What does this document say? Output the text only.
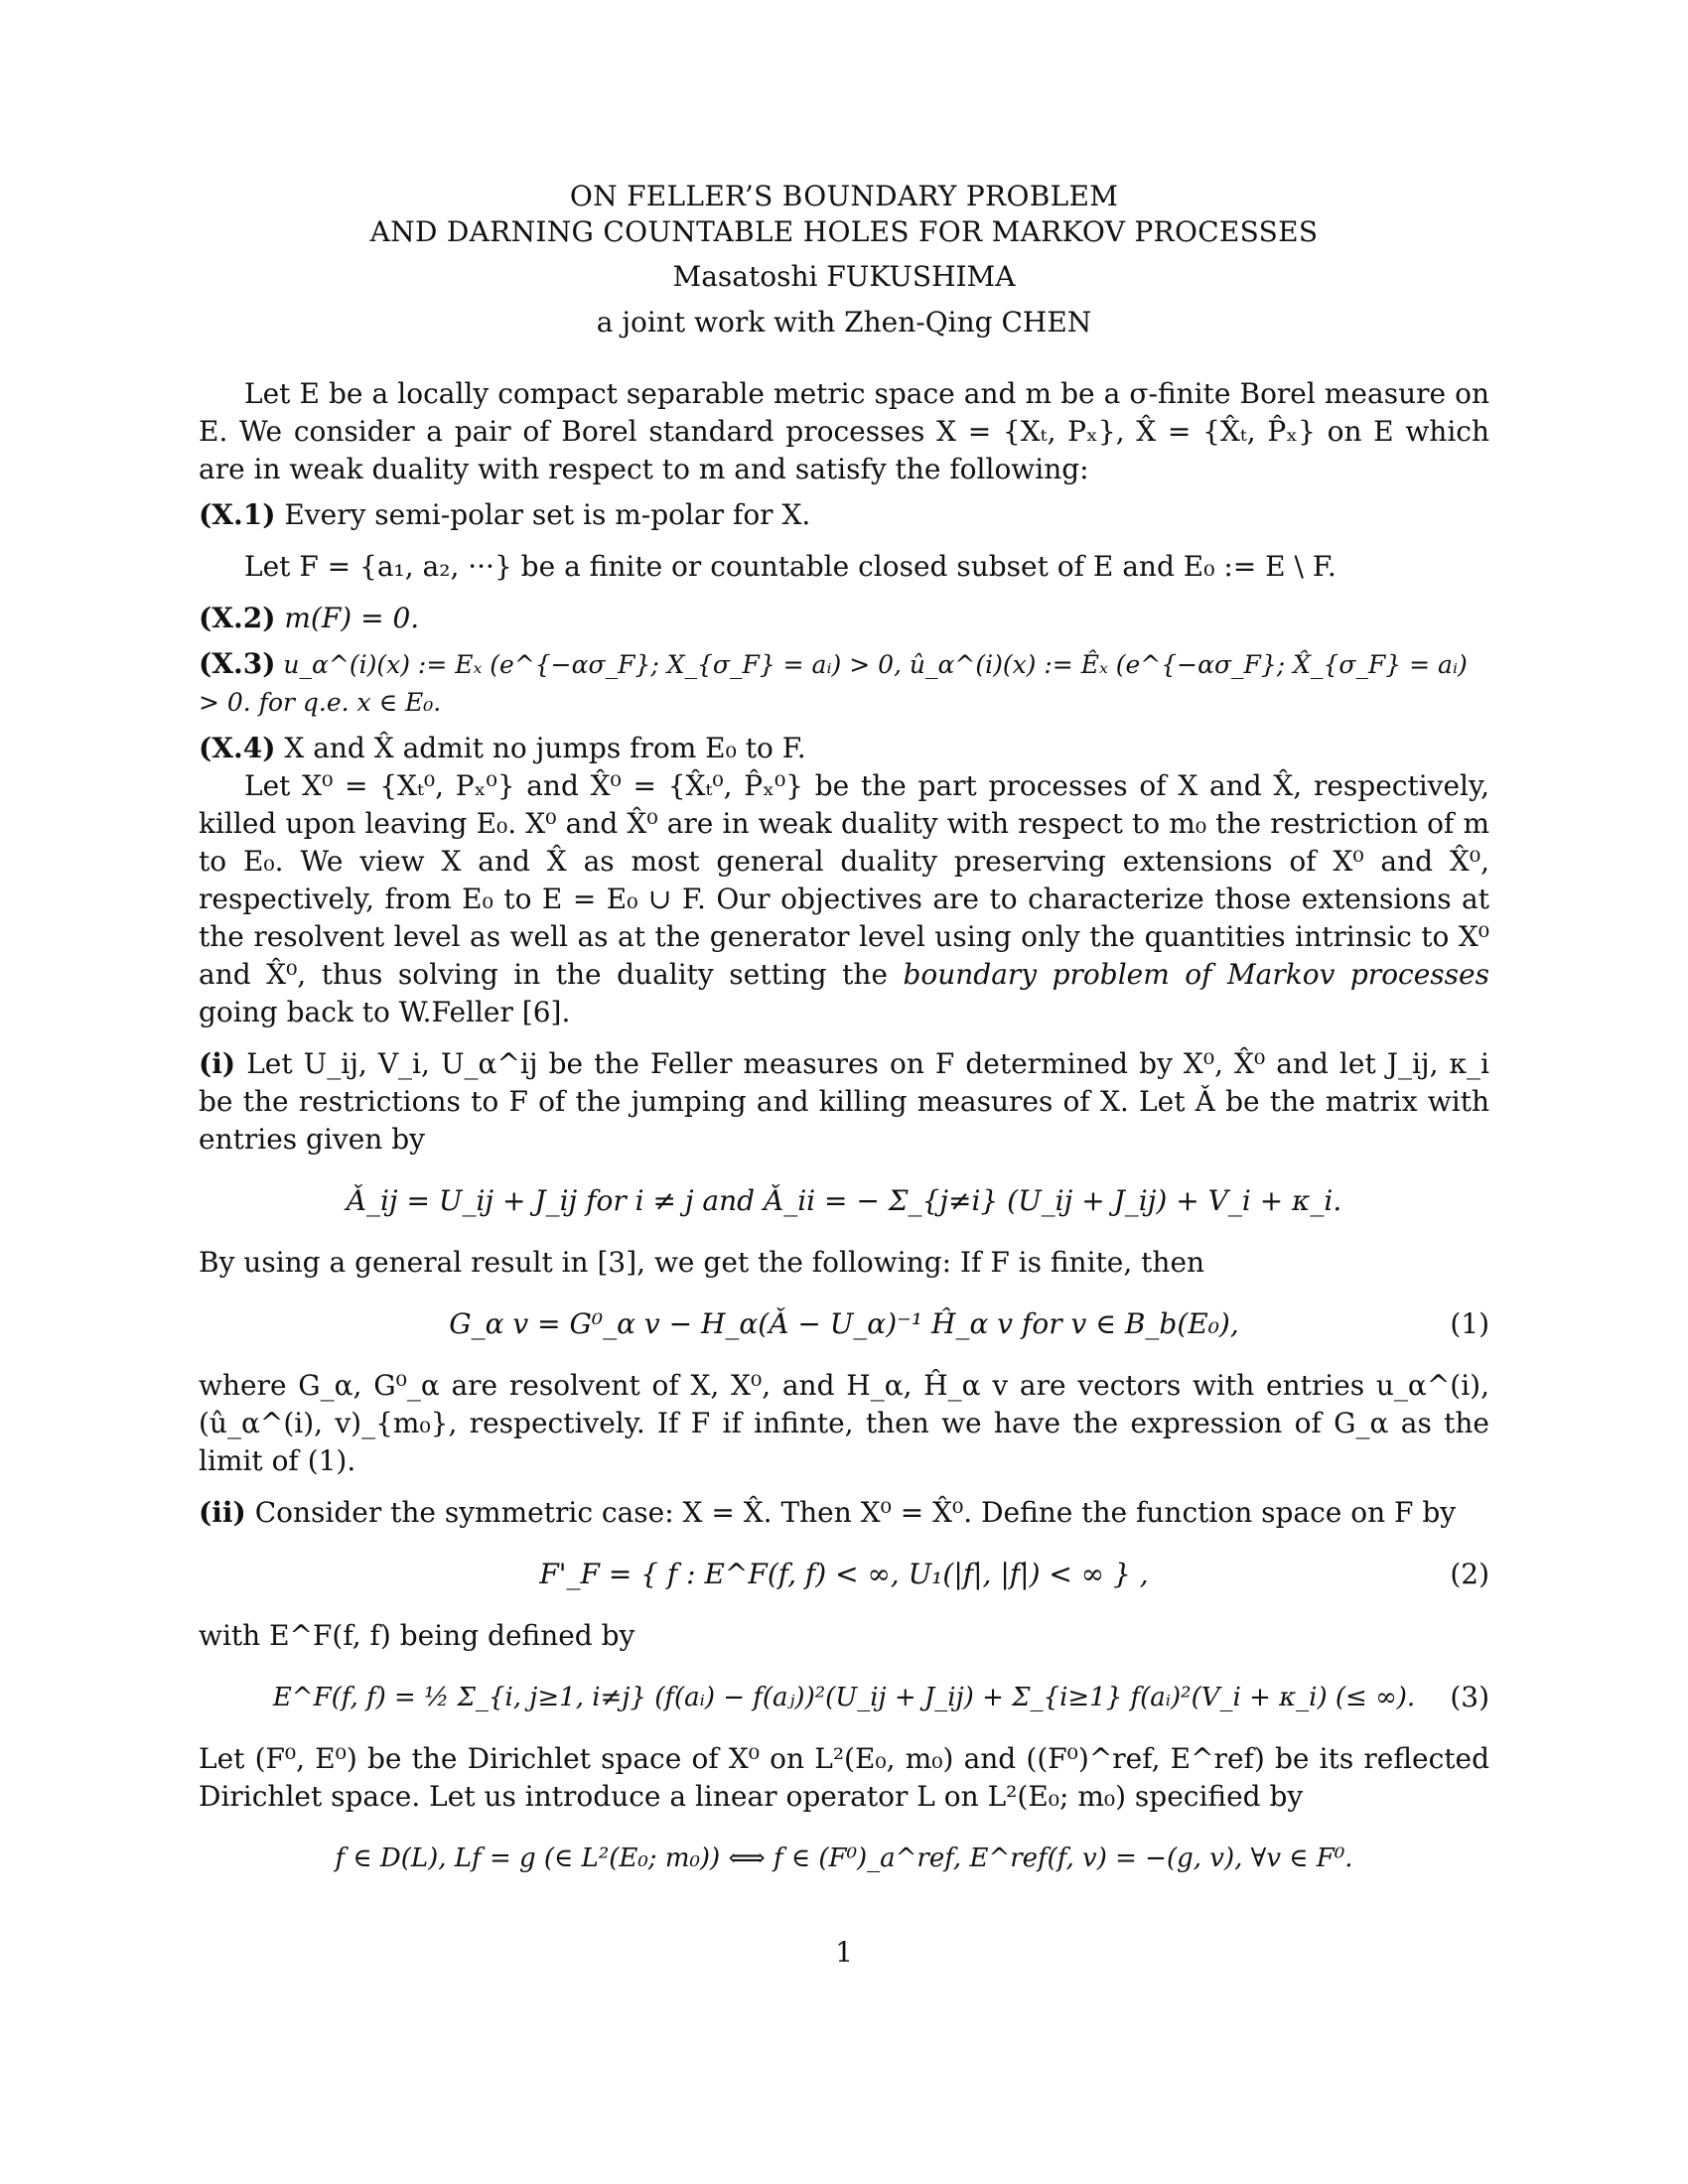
ON FELLER’S BOUNDARY PROBLEM
AND DARNING COUNTABLE HOLES FOR MARKOV PROCESSES
Masatoshi FUKUSHIMA
a joint work with Zhen-Qing CHEN

Let E be a locally compact separable metric space and m be a σ-finite Borel measure on E. We consider a pair of Borel standard processes X = {Xₜ, Pₓ}, X̂ = {X̂ₜ, P̂ₓ} on E which are in weak duality with respect to m and satisfy the following:

(X.1) Every semi-polar set is m-polar for X.

Let F = {a₁, a₂, ···} be a finite or countable closed subset of E and E₀ := E \ F.

(X.2) m(F) = 0.

(X.3) u_α^(i)(x) := Eₓ (e^{−ασ_F}; X_{σ_F} = aᵢ) > 0, û_α^(i)(x) := Êₓ (e^{−ασ_F}; X̂_{σ_F} = aᵢ) > 0. for q.e. x ∈ E₀.

(X.4) X and X̂ admit no jumps from E₀ to F.

Let X⁰ = {Xₜ⁰, Pₓ⁰} and X̂⁰ = {X̂ₜ⁰, P̂ₓ⁰} be the part processes of X and X̂, respectively, killed upon leaving E₀. X⁰ and X̂⁰ are in weak duality with respect to m₀ the restriction of m to E₀. We view X and X̂ as most general duality preserving extensions of X⁰ and X̂⁰, respectively, from E₀ to E = E₀ ∪ F. Our objectives are to characterize those extensions at the resolvent level as well as at the generator level using only the quantities intrinsic to X⁰ and X̂⁰, thus solving in the duality setting the boundary problem of Markov processes going back to W.Feller [6].

(i) Let U_ij, V_i, U_α^ij be the Feller measures on F determined by X⁰, X̂⁰ and let J_ij, κ_i be the restrictions to F of the jumping and killing measures of X. Let Ǎ be the matrix with entries given by

Ǎ_ij = U_ij + J_ij for i ≠ j and Ǎ_ii = − Σ_{j≠i} (U_ij + J_ij) + V_i + κ_i.

By using a general result in [3], we get the following: If F is finite, then

G_α v = G⁰_α v − H_α(Ǎ − U_α)⁻¹ Ĥ_α v for v ∈ B_b(E₀),	(1)

where G_α, G⁰_α are resolvent of X, X⁰, and H_α, Ĥ_α v are vectors with entries u_α^(i), (û_α^(i), v)_{m₀}, respectively. If F if infinte, then we have the expression of G_α as the limit of (1).

(ii) Consider the symmetric case: X = X̂. Then X⁰ = X̂⁰. Define the function space on F by

F'_F = { f : E^F(f, f) < ∞, U₁(|f|, |f|) < ∞ } ,	(2)

with E^F(f, f) being defined by

E^F(f, f) = ½ Σ_{i, j≥1, i≠j} (f(aᵢ) − f(aⱼ))²(U_ij + J_ij) + Σ_{i≥1} f(aᵢ)²(V_i + κ_i) (≤ ∞). (3)

Let (F⁰, E⁰) be the Dirichlet space of X⁰ on L²(E₀, m₀) and ((F⁰)^ref, E^ref) be its reflected Dirichlet space. Let us introduce a linear operator L on L²(E₀; m₀) specified by

f ∈ D(L), Lf = g (∈ L²(E₀; m₀)) ⟺ f ∈ (F⁰)_a^ref, E^ref(f, v) = −(g, v), ∀v ∈ F⁰.
1
